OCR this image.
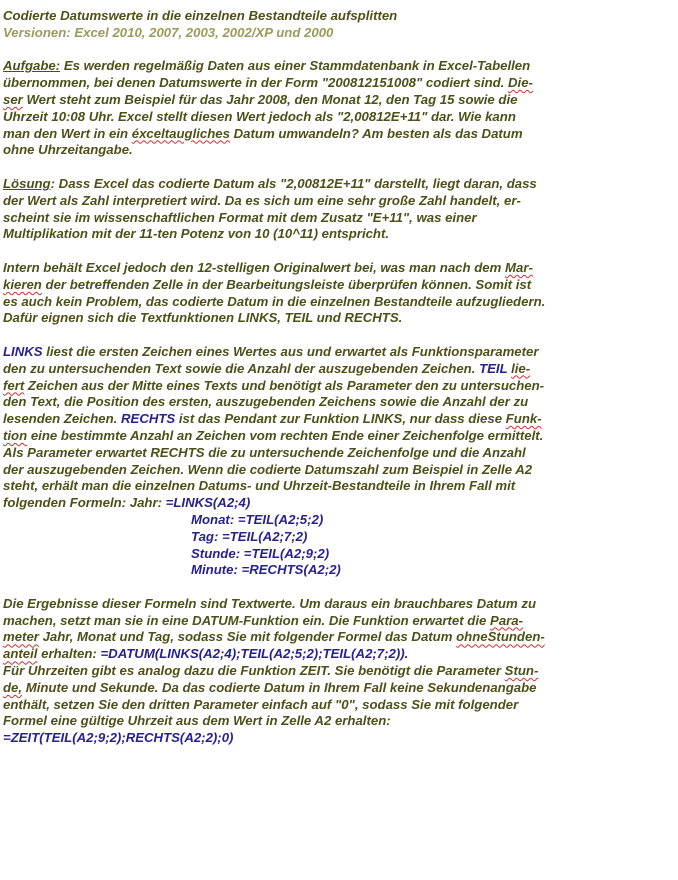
Codierte Datumswerte in die einzelnen Bestandteile aufsplitten
Versionen: Excel 2010, 2007, 2003, 2002/XP und 2000
Aufgabe: Es werden regelmäßig Daten aus einer Stammdatenbank in Excel-Tabellen
übernommen, bei denen Datumswerte in der Form "200812151008" codiert sind. Die-
ser Wert steht zum Beispiel für das Jahr 2008, den Monat 12, den Tag 15 sowie die
Uhrzeit 10:08 Uhr. Excel stellt diesen Wert jedoch als "2,00812E+11" dar. Wie kann
man den Wert in ein éxceltaugliches Datum umwandeln? Am besten als das Datum
ohne Uhrzeitangabe.
Lösung: Dass Excel das codierte Datum als "2,00812E+11" darstellt, liegt daran, dass
der Wert als Zahl interpretiert wird. Da es sich um eine sehr große Zahl handelt, er-
scheint sie im wissenschaftlichen Format mit dem Zusatz "E+11", was einer
Multiplikation mit der 11-ten Potenz von 10 (10^11) entspricht.
Intern behält Excel jedoch den 12-stelligen Originalwert bei, was man nach dem Mar-
kieren der betreffenden Zelle in der Bearbeitungsleiste überprüfen können. Somit ist
es auch kein Problem, das codierte Datum in die einzelnen Bestandteile aufzugliedern.
Dafür eignen sich die Textfunktionen LINKS, TEIL und RECHTS.
LINKS liest die ersten Zeichen eines Wertes aus und erwartet als Funktionsparameter
den zu untersuchenden Text sowie die Anzahl der auszugebenden Zeichen. TEIL lie-
fert Zeichen aus der Mitte eines Texts und benötigt als Parameter den zu untersuchen-
den Text, die Position des ersten, auszugebenden Zeichens sowie die Anzahl der zu
lesenden Zeichen. RECHTS ist das Pendant zur Funktion LINKS, nur dass diese Funk-
tion eine bestimmte Anzahl an Zeichen vom rechten Ende einer Zeichenfolge ermittelt.
Als Parameter erwartet RECHTS die zu untersuchende Zeichenfolge und die Anzahl
der auszugebenden Zeichen. Wenn die codierte Datumszahl zum Beispiel in Zelle A2
steht, erhält man die einzelnen Datums- und Uhrzeit-Bestandteile in Ihrem Fall mit
folgenden Formeln: Jahr: =LINKS(A2;4)
Monat: =TEIL(A2;5;2)
Tag: =TEIL(A2;7;2)
Stunde: =TEIL(A2;9;2)
Minute: =RECHTS(A2;2)
Die Ergebnisse dieser Formeln sind Textwerte. Um daraus ein brauchbares Datum zu
machen, setzt man sie in eine DATUM-Funktion ein. Die Funktion erwartet die Para-
meter Jahr, Monat und Tag, sodass Sie mit folgender Formel das Datum ohneStunden-
anteil erhalten: =DATUM(LINKS(A2;4);TEIL(A2;5;2);TEIL(A2;7;2)).
Für Uhrzeiten gibt es analog dazu die Funktion ZEIT. Sie benötigt die Parameter Stun-
de, Minute und Sekunde. Da das codierte Datum in Ihrem Fall keine Sekundenangabe
enthält, setzen Sie den dritten Parameter einfach auf "0", sodass Sie mit folgender
Formel eine gültige Uhrzeit aus dem Wert in Zelle A2 erhalten:
=ZEIT(TEIL(A2;9;2);RECHTS(A2;2);0)
